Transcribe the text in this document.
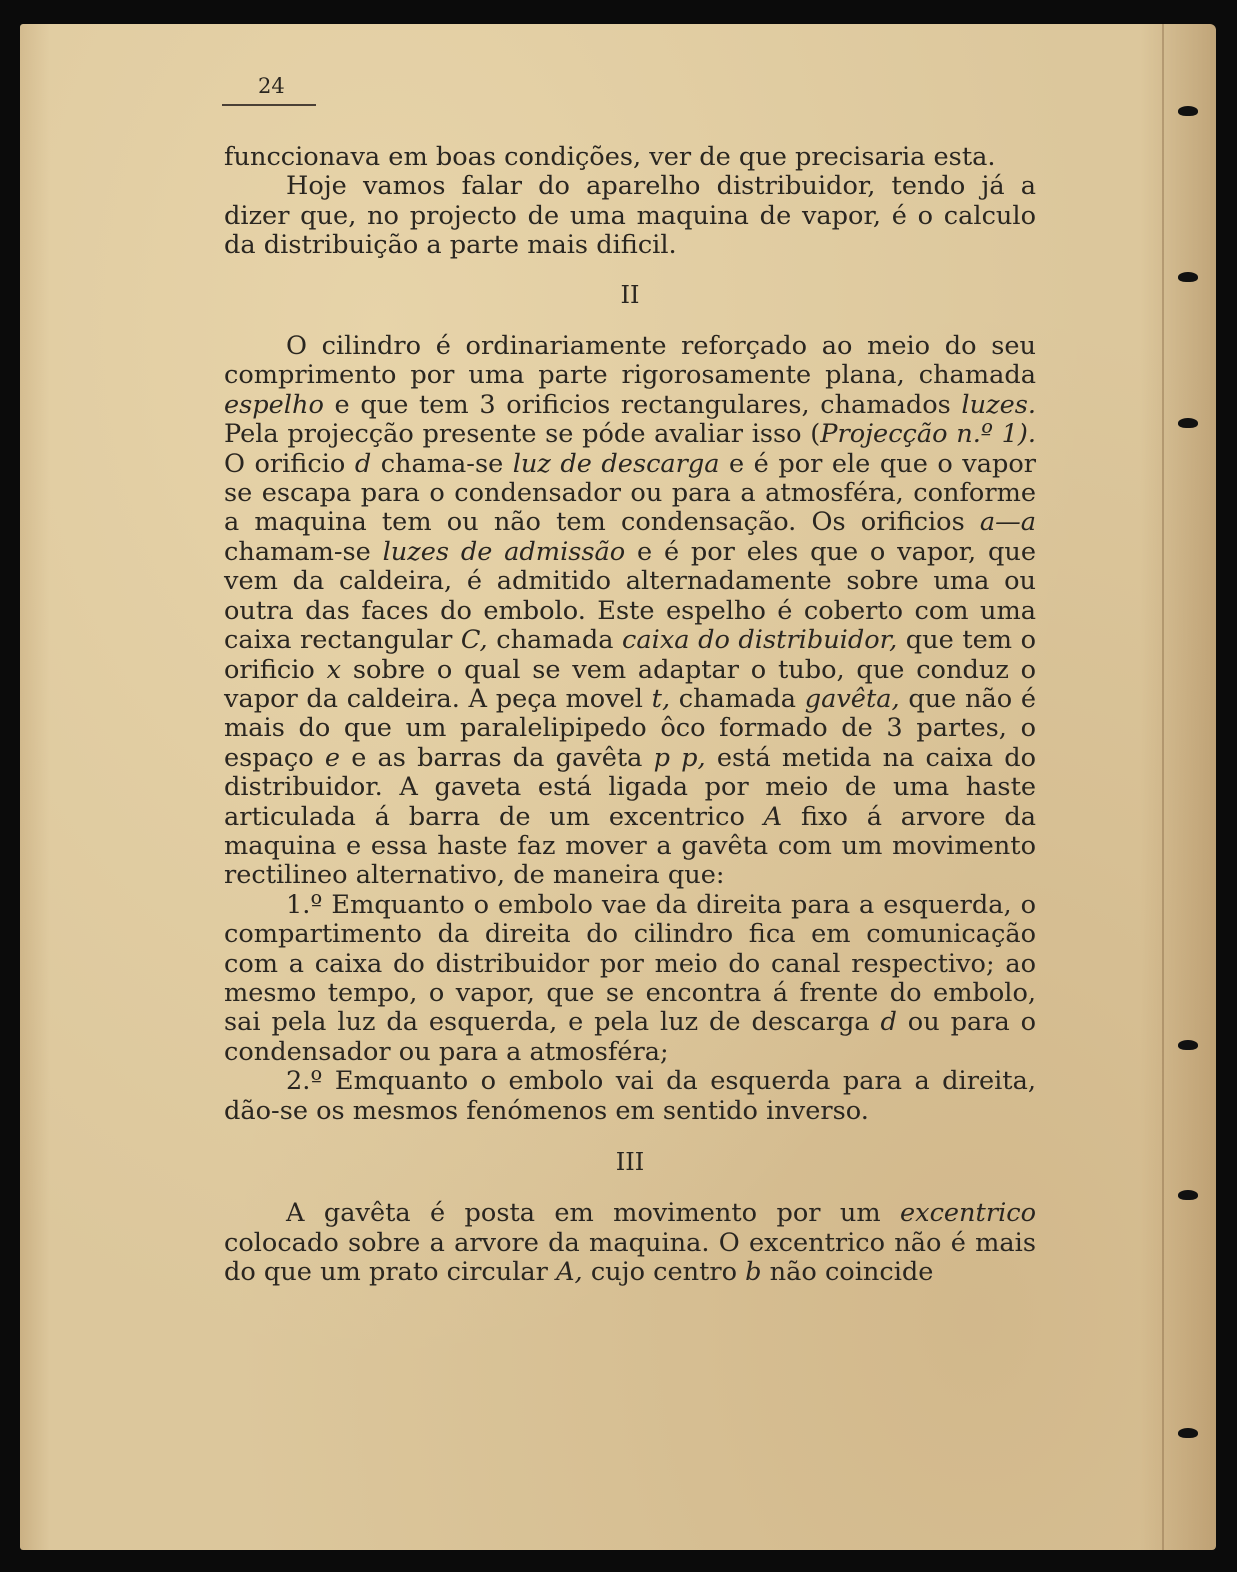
24

funccionava em boas condições, ver de que precisaria esta.

Hoje vamos falar do aparelho distribuidor, tendo já a dizer que, no projecto de uma maquina de vapor, é o calculo da distribuição a parte mais dificil.

II

O cilindro é ordinariamente reforçado ao meio do seu comprimento por uma parte rigorosamente plana, chamada espelho e que tem 3 orificios rectangulares, chamados luzes. Pela projecção presente se póde avaliar isso (Projecção n.º 1). O orificio d chama-se luz de descarga e é por ele que o vapor se escapa para o condensador ou para a atmosféra, conforme a maquina tem ou não tem condensação. Os orificios a—a chamam-se luzes de admissão e é por eles que o vapor, que vem da caldeira, é admitido alternadamente sobre uma ou outra das faces do embolo. Este espelho é coberto com uma caixa rectangular C, chamada caixa do distribuidor, que tem o orificio x sobre o qual se vem adaptar o tubo, que conduz o vapor da caldeira. A peça movel t, chamada gavêta, que não é mais do que um paralelipipedo ôco formado de 3 partes, o espaço e e as barras da gavêta p p, está metida na caixa do distribuidor. A gaveta está ligada por meio de uma haste articulada á barra de um excentrico A fixo á arvore da maquina e essa haste faz mover a gavêta com um movimento rectilineo alternativo, de maneira que:

1.º Emquanto o embolo vae da direita para a esquerda, o compartimento da direita do cilindro fica em comunicação com a caixa do distribuidor por meio do canal respectivo; ao mesmo tempo, o vapor, que se encontra á frente do embolo, sai pela luz da esquerda, e pela luz de descarga d ou para o condensador ou para a atmosféra;

2.º Emquanto o embolo vai da esquerda para a direita, dão-se os mesmos fenómenos em sentido inverso.

III

A gavêta é posta em movimento por um excentrico colocado sobre a arvore da maquina. O excentrico não é mais do que um prato circular A, cujo centro b não coincide
